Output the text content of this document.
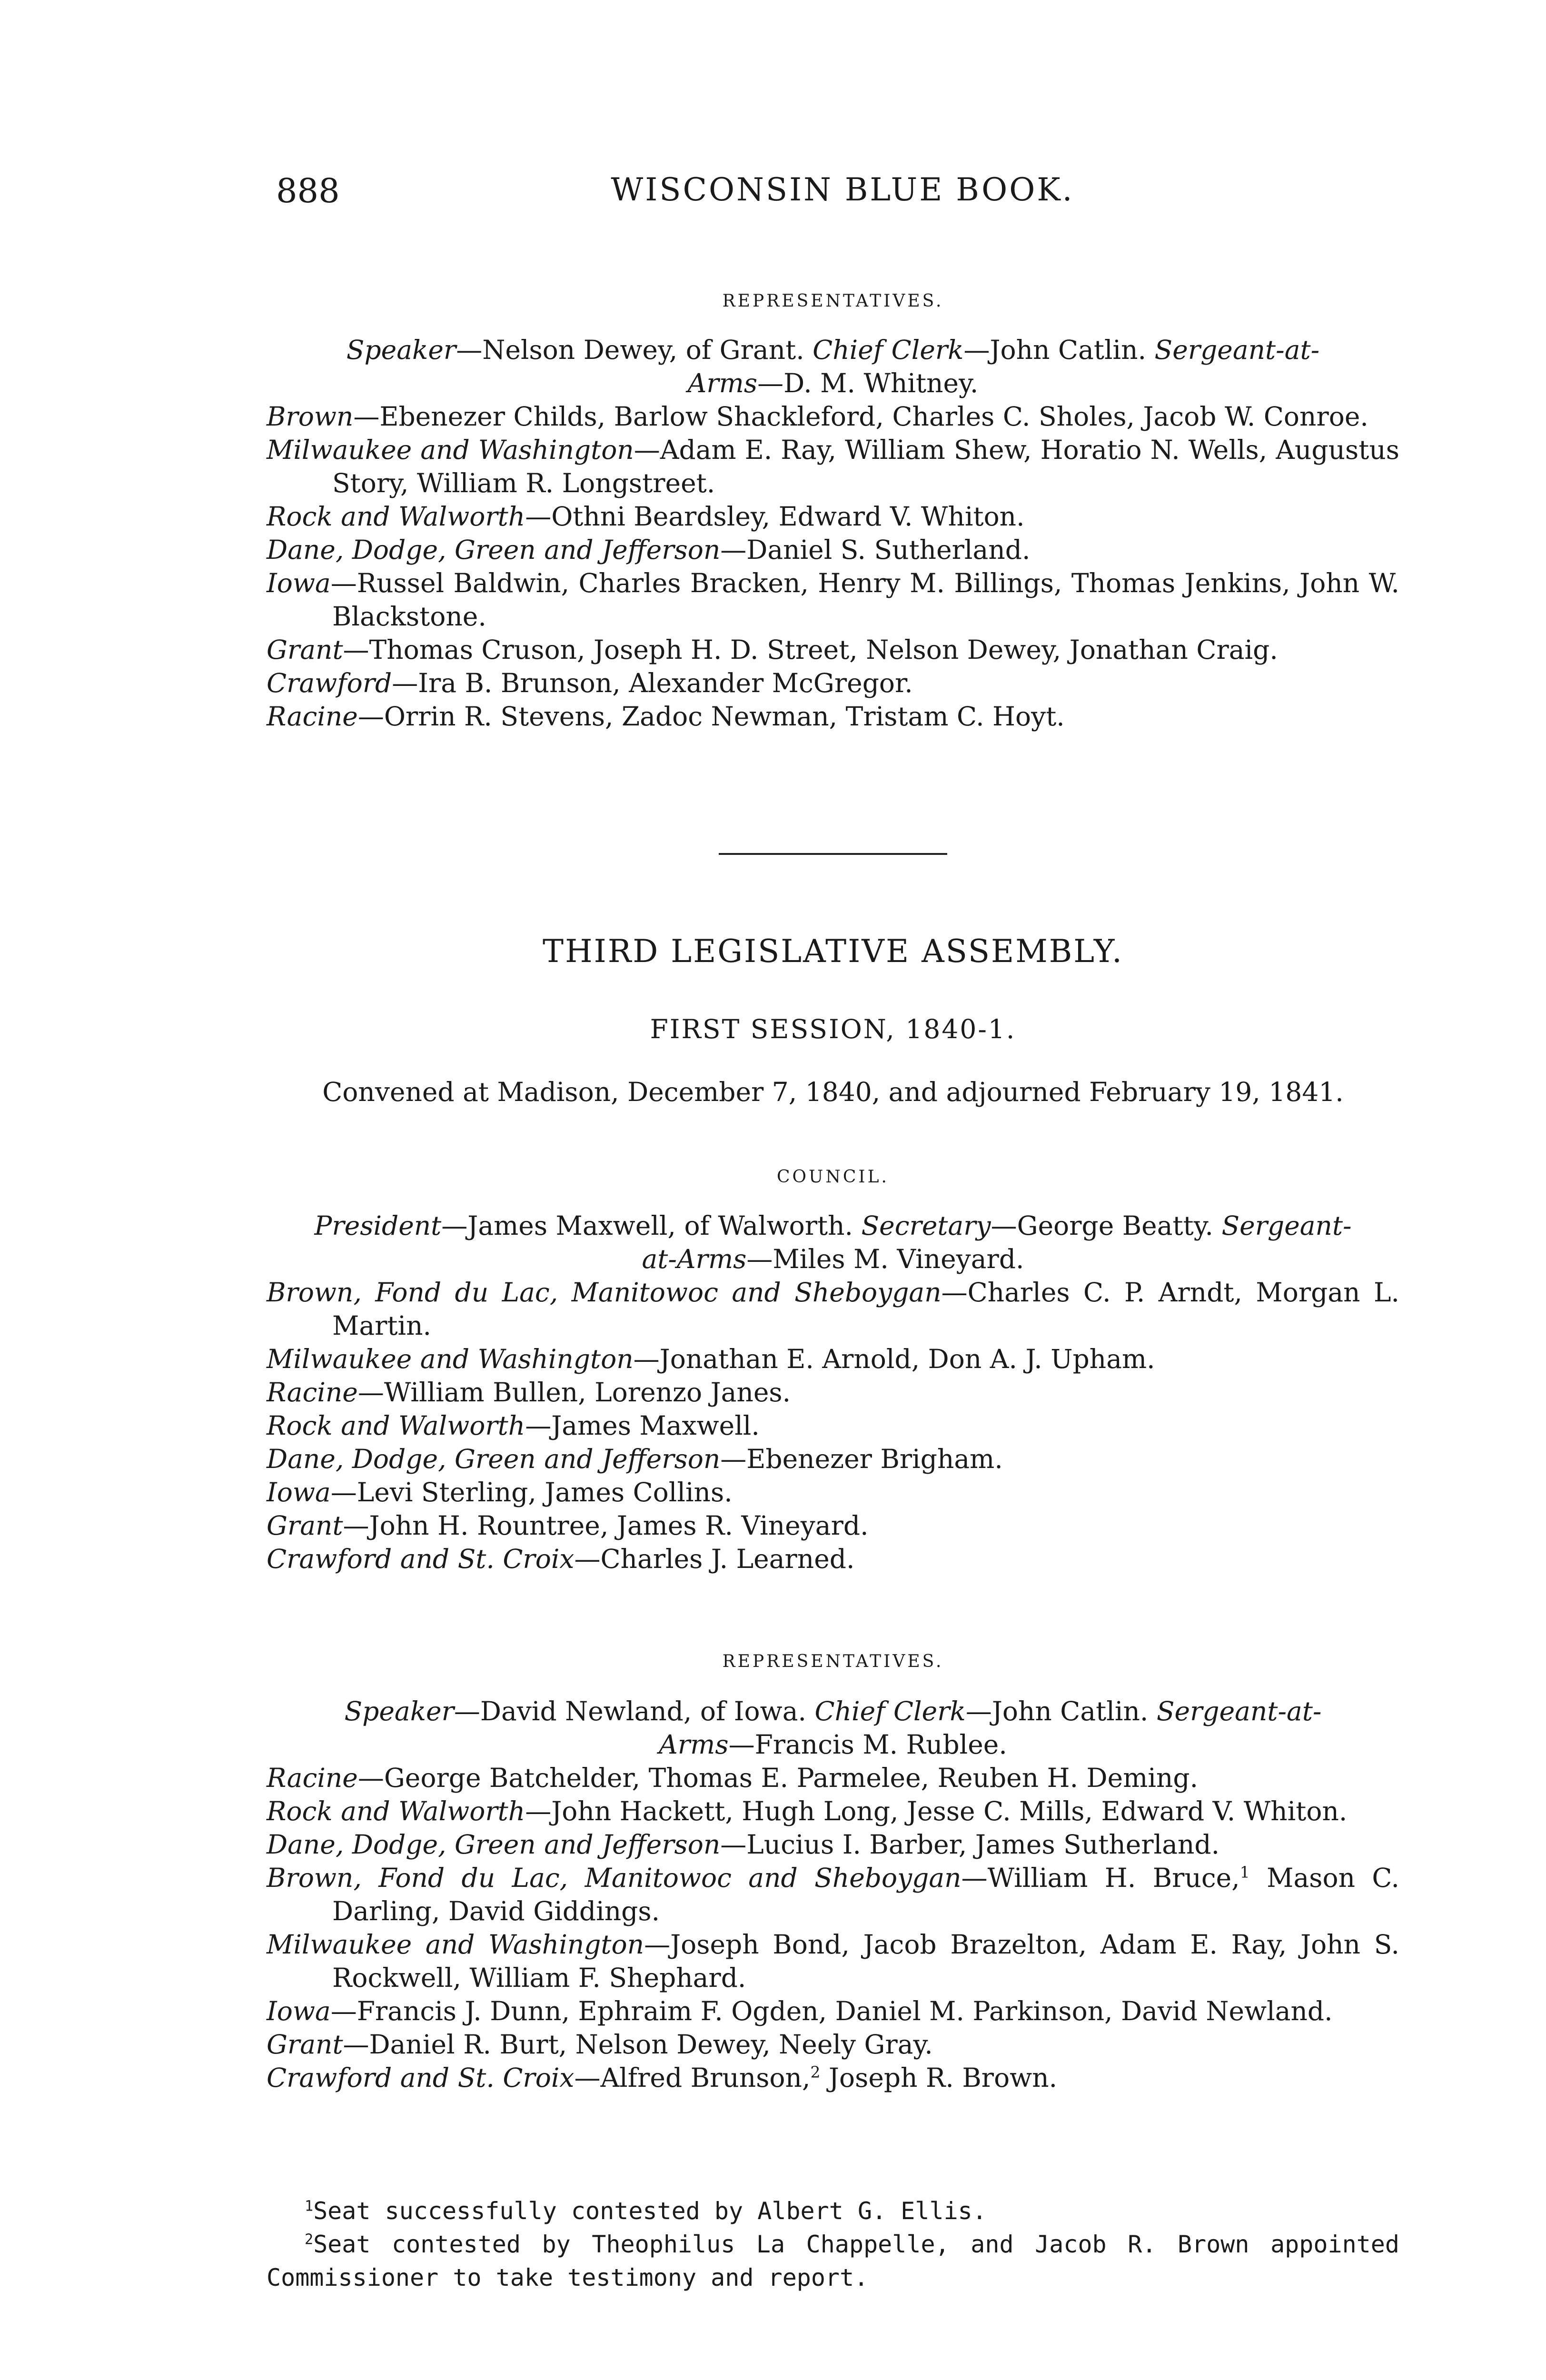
888	WISCONSIN BLUE BOOK.
REPRESENTATIVES.

Speaker—Nelson Dewey, of Grant. Chief Clerk—John Catlin. Sergeant-at-
Arms—D. M. Whitney.

Brown—Ebenezer Childs, Barlow Shackleford, Charles C. Sholes, Jacob W. Conroe.

Milwaukee and Washington—Adam E. Ray, William Shew, Horatio N. Wells, Augustus Story, William R. Longstreet.

Rock and Walworth—Othni Beardsley, Edward V. Whiton.

Dane, Dodge, Green and Jefferson—Daniel S. Sutherland.

Iowa—Russel Baldwin, Charles Bracken, Henry M. Billings, Thomas Jenkins, John W. Blackstone.

Grant—Thomas Cruson, Joseph H. D. Street, Nelson Dewey, Jonathan Craig.

Crawford—Ira B. Brunson, Alexander McGregor.

Racine—Orrin R. Stevens, Zadoc Newman, Tristam C. Hoyt.

THIRD LEGISLATIVE ASSEMBLY.
FIRST SESSION, 1840-1.
Convened at Madison, December 7, 1840, and adjourned February 19, 1841.
COUNCIL.

President—James Maxwell, of Walworth. Secretary—George Beatty. Sergeant-
at-Arms—Miles M. Vineyard.

Brown, Fond du Lac, Manitowoc and Sheboygan—Charles C. P. Arndt, Morgan L. Martin.

Milwaukee and Washington—Jonathan E. Arnold, Don A. J. Upham.

Racine—William Bullen, Lorenzo Janes.

Rock and Walworth—James Maxwell.

Dane, Dodge, Green and Jefferson—Ebenezer Brigham.

Iowa—Levi Sterling, James Collins.

Grant—John H. Rountree, James R. Vineyard.

Crawford and St. Croix—Charles J. Learned.

REPRESENTATIVES.

Speaker—David Newland, of Iowa. Chief Clerk—John Catlin. Sergeant-at-
Arms—Francis M. Rublee.

Racine—George Batchelder, Thomas E. Parmelee, Reuben H. Deming.

Rock and Walworth—John Hackett, Hugh Long, Jesse C. Mills, Edward V. Whiton.

Dane, Dodge, Green and Jefferson—Lucius I. Barber, James Sutherland.

Brown, Fond du Lac, Manitowoc and Sheboygan—William H. Bruce,$^1$ Mason C. Darling, David Giddings.

Milwaukee and Washington—Joseph Bond, Jacob Brazelton, Adam E. Ray, John S. Rockwell, William F. Shephard.

Iowa—Francis J. Dunn, Ephraim F. Ogden, Daniel M. Parkinson, David Newland.

Grant—Daniel R. Burt, Nelson Dewey, Neely Gray.

Crawford and St. Croix—Alfred Brunson,$^2$ Joseph R. Brown.

$^1$Seat successfully contested by Albert G. Ellis.

$^2$Seat contested by Theophilus La Chappelle, and Jacob R. Brown appointed Commissioner to take testimony and report.
